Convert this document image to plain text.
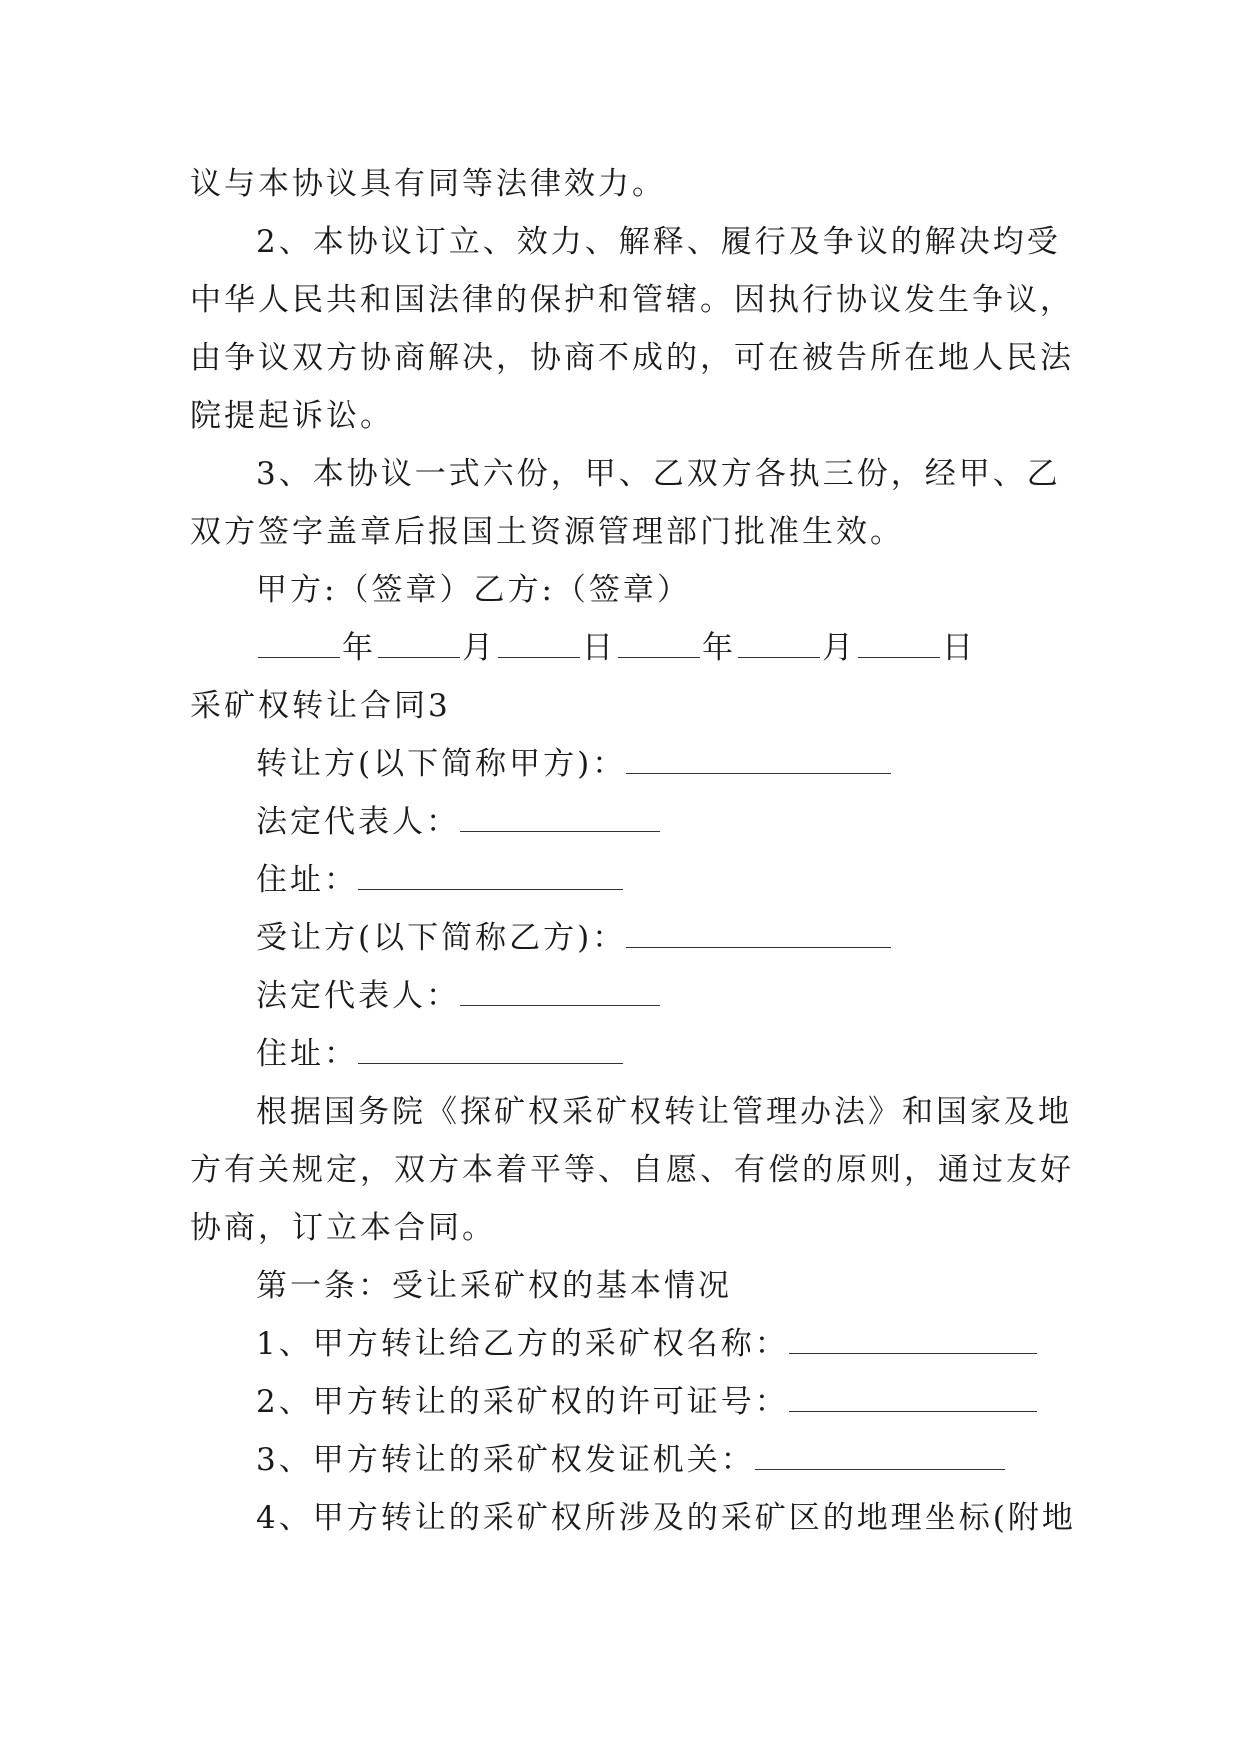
议与本协议具有同等法律效力。

2、本协议订立、效力、解释、履行及争议的解决均受

中华人民共和国法律的保护和管辖。因执行协议发生争议，

由争议双方协商解决，协商不成的，可在被告所在地人民法

院提起诉讼。

3、本协议一式六份，甲、乙双方各执三份，经甲、乙

双方签字盖章后报国土资源管理部门批准生效。

甲方:（签章）乙方:（签章）

年	月	日	年	月	日

采矿权转让合同3

转让方(以下简称甲方)：

法定代表人：

住址：

受让方(以下简称乙方)：

法定代表人：

住址：

根据国务院《探矿权采矿权转让管理办法》和国家及地

方有关规定，双方本着平等、自愿、有偿的原则，通过友好

协商，订立本合同。

第一条：受让采矿权的基本情况

1、甲方转让给乙方的采矿权名称：

2、甲方转让的采矿权的许可证号：

3、甲方转让的采矿权发证机关：

4、甲方转让的采矿权所涉及的采矿区的地理坐标(附地
